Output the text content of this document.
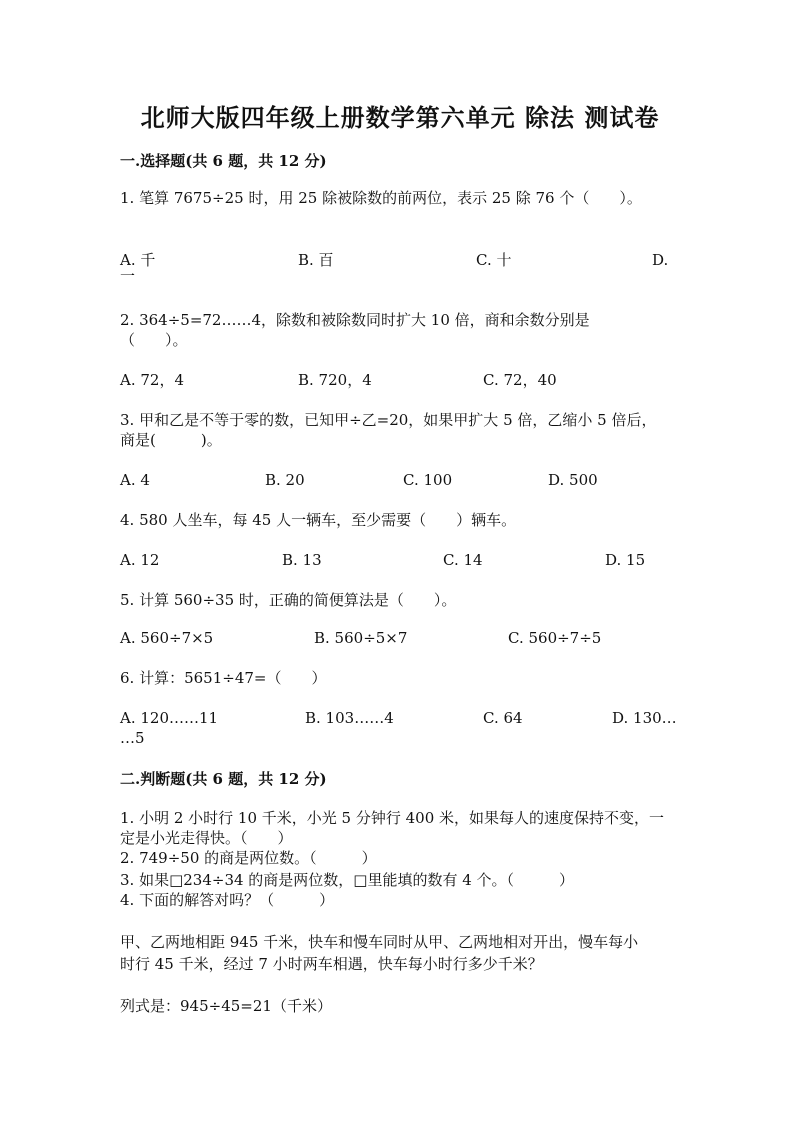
北师大版四年级上册数学第六单元 除法 测试卷
一.选择题(共 6 题，共 12 分)
1. 笔算 7675÷25 时，用 25 除被除数的前两位，表示 25 除 76 个（　　）。
A. 千	B. 百	C. 十	D.
一
2. 364÷5=72……4，除数和被除数同时扩大 10 倍，商和余数分别是
（　　）。
A. 72，4	B. 720，4	C. 72，40
3. 甲和乙是不等于零的数，已知甲÷乙=20，如果甲扩大 5 倍，乙缩小 5 倍后，
商是(　　　)。
A. 4	B. 20	C. 100	D. 500
4. 580 人坐车，每 45 人一辆车，至少需要（　　）辆车。
A. 12	B. 13	C. 14	D. 15
5. 计算 560÷35 时，正确的简便算法是（　　）。
A. 560÷7×5	B. 560÷5×7	C. 560÷7÷5
6. 计算：5651÷47=（　　）
A. 120……11	B. 103……4	C. 64	D. 130…
…5
二.判断题(共 6 题，共 12 分)
1. 小明 2 小时行 10 千米，小光 5 分钟行 400 米，如果每人的速度保持不变，一
定是小光走得快。（　　）
2. 749÷50 的商是两位数。（　　　）
3. 如果□234÷34 的商是两位数，□里能填的数有 4 个。（　　　）
4. 下面的解答对吗？（　　　）
甲、乙两地相距 945 千米，快车和慢车同时从甲、乙两地相对开出，慢车每小
时行 45 千米，经过 7 小时两车相遇，快车每小时行多少千米？
列式是：945÷45=21（千米）
